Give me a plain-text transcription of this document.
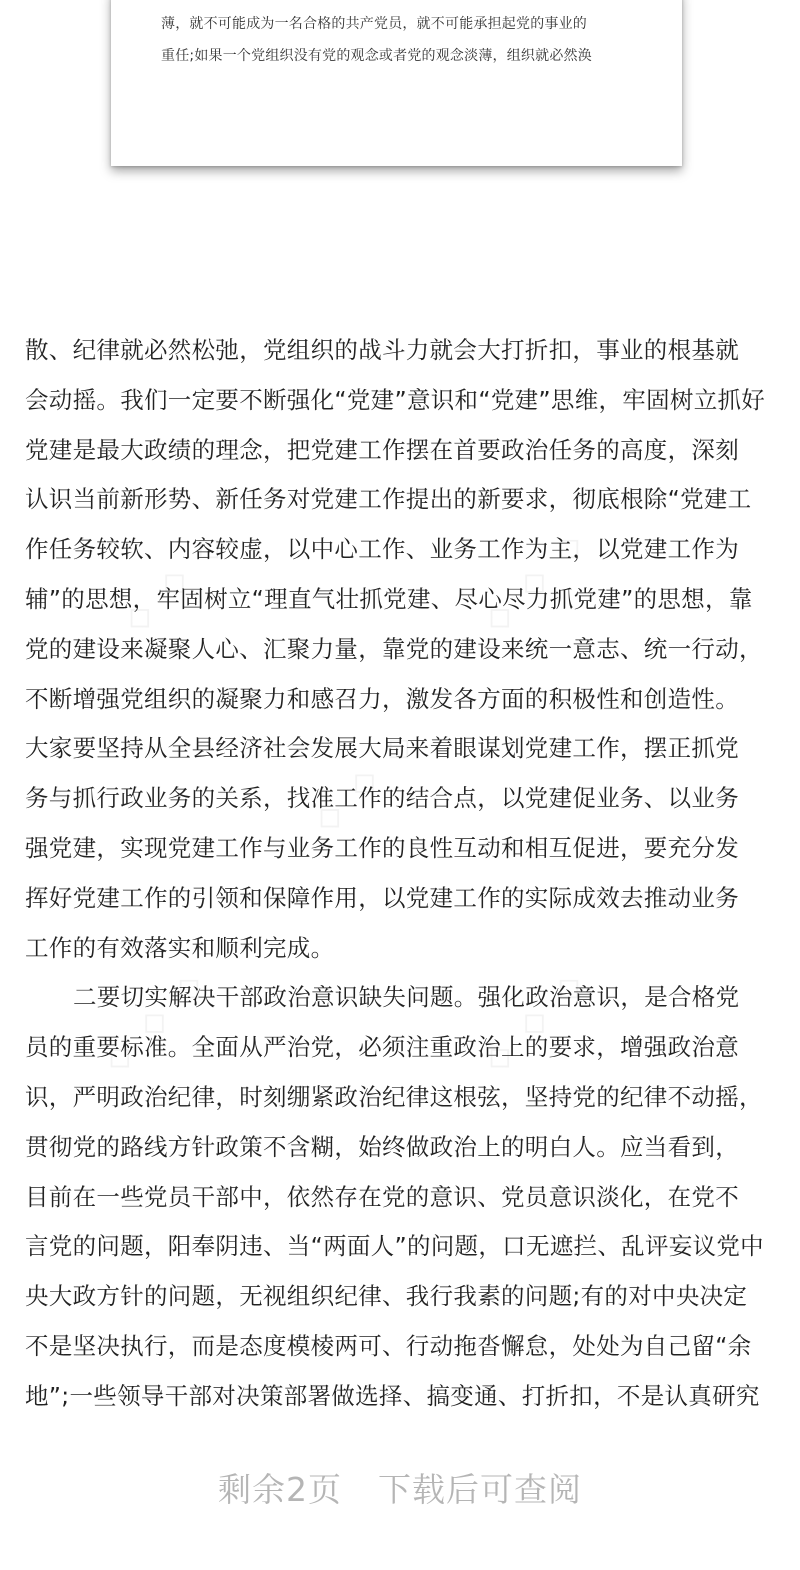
薄，就不可能成为一名合格的共产党员，就不可能承担起党的事业的
重任;如果一个党组织没有党的观念或者党的观念淡薄，组织就必然涣
◇ ◇ ◇	◇ ◇ ◇
◇ ◇ ◇
◇ ◇ ◇	◇ ◇ ◇
散、纪律就必然松弛，党组织的战斗力就会大打折扣，事业的根基就
会动摇。我们一定要不断强化“党建”意识和“党建”思维，牢固树立抓好
党建是最大政绩的理念，把党建工作摆在首要政治任务的高度，深刻
认识当前新形势、新任务对党建工作提出的新要求，彻底根除“党建工
作任务较软、内容较虚，以中心工作、业务工作为主，以党建工作为
辅”的思想，牢固树立“理直气壮抓党建、尽心尽力抓党建”的思想，靠
党的建设来凝聚人心、汇聚力量，靠党的建设来统一意志、统一行动，
不断增强党组织的凝聚力和感召力，激发各方面的积极性和创造性。
大家要坚持从全县经济社会发展大局来着眼谋划党建工作，摆正抓党
务与抓行政业务的关系，找准工作的结合点，以党建促业务、以业务
强党建，实现党建工作与业务工作的良性互动和相互促进，要充分发
挥好党建工作的引领和保障作用，以党建工作的实际成效去推动业务
工作的有效落实和顺利完成。
二要切实解决干部政治意识缺失问题。强化政治意识，是合格党
员的重要标准。全面从严治党，必须注重政治上的要求，增强政治意
识，严明政治纪律，时刻绷紧政治纪律这根弦，坚持党的纪律不动摇，
贯彻党的路线方针政策不含糊，始终做政治上的明白人。应当看到，
目前在一些党员干部中，依然存在党的意识、党员意识淡化，在党不
言党的问题，阳奉阴违、当“两面人”的问题，口无遮拦、乱评妄议党中
央大政方针的问题，无视组织纪律、我行我素的问题;有的对中央决定
不是坚决执行，而是态度模棱两可、行动拖沓懈怠，处处为自己留“余
地”;一些领导干部对决策部署做选择、搞变通、打折扣，不是认真研究
剩余2页 下载后可查阅
